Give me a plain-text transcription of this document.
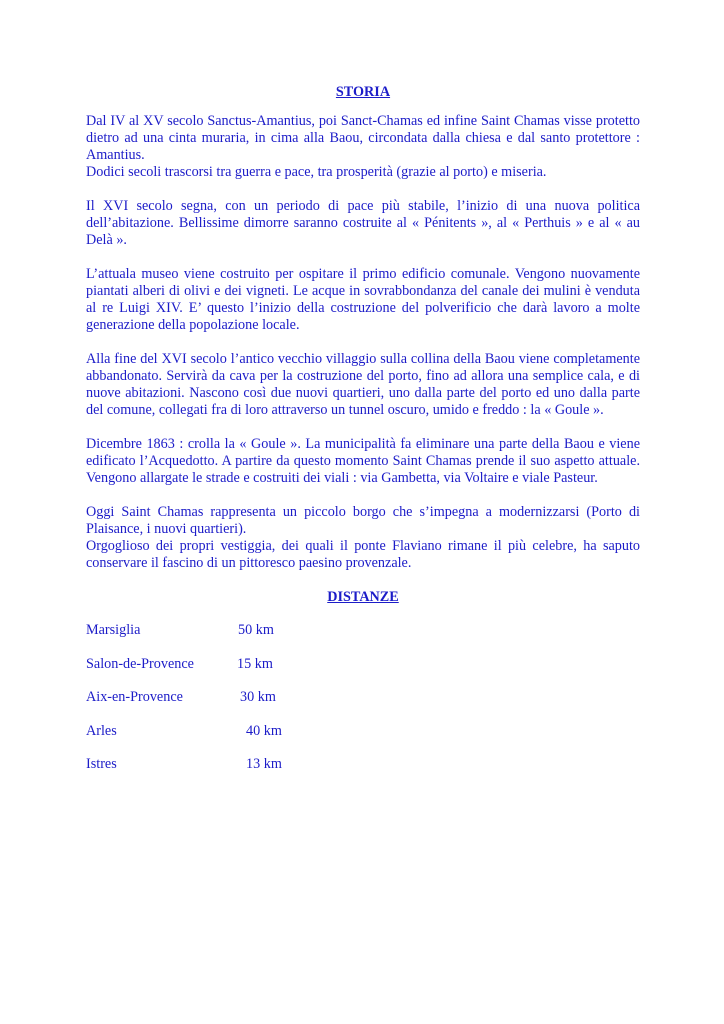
STORIA

Dal IV al XV secolo Sanctus-Amantius, poi Sanct-Chamas ed infine Saint Chamas visse protetto dietro ad una cinta muraria, in cima alla Baou, circondata dalla chiesa e dal santo protettore : Amantius.
Dodici secoli trascorsi tra guerra e pace, tra prosperità (grazie al porto) e miseria.

Il XVI secolo segna, con un periodo di pace più stabile, l’inizio di una nuova politica dell’abitazione. Bellissime dimorre saranno costruite al « Pénitents », al « Perthuis » e al « au Delà ».

L’attuala museo viene costruito per ospitare il primo edificio comunale. Vengono nuovamente piantati alberi di olivi e dei vigneti. Le acque in sovrabbondanza del canale dei mulini è venduta al re Luigi XIV. E’ questo l’inizio della costruzione del polverificio che darà lavoro a molte generazione della popolazione locale.

Alla fine del XVI secolo l’antico vecchio villaggio sulla collina della Baou viene completamente abbandonato. Servirà da cava per la costruzione del porto, fino ad allora una semplice cala, e di nuove abitazioni. Nascono così due nuovi quartieri, uno dalla parte del porto ed uno dalla parte del comune, collegati fra di loro attraverso un tunnel oscuro, umido e freddo : la « Goule ».

Dicembre 1863 : crolla la « Goule ». La municipalità fa eliminare una parte della Baou e viene edificato l’Acquedotto. A partire da questo momento Saint Chamas prende il suo aspetto attuale. Vengono allargate le strade e costruiti dei viali : via Gambetta, via Voltaire e viale Pasteur.

Oggi Saint Chamas rappresenta un piccolo borgo che s’impegna a modernizzarsi (Porto di Plaisance, i nuovi quartieri).
Orgoglioso dei propri vestiggia, dei quali il ponte Flaviano rimane il più celebre, ha saputo conservare il fascino di un pittoresco paesino provenzale.

DISTANZE

Marsiglia	50 km
Salon-de-Provence	15 km
Aix-en-Provence	30 km
Arles	40 km
Istres	13 km
